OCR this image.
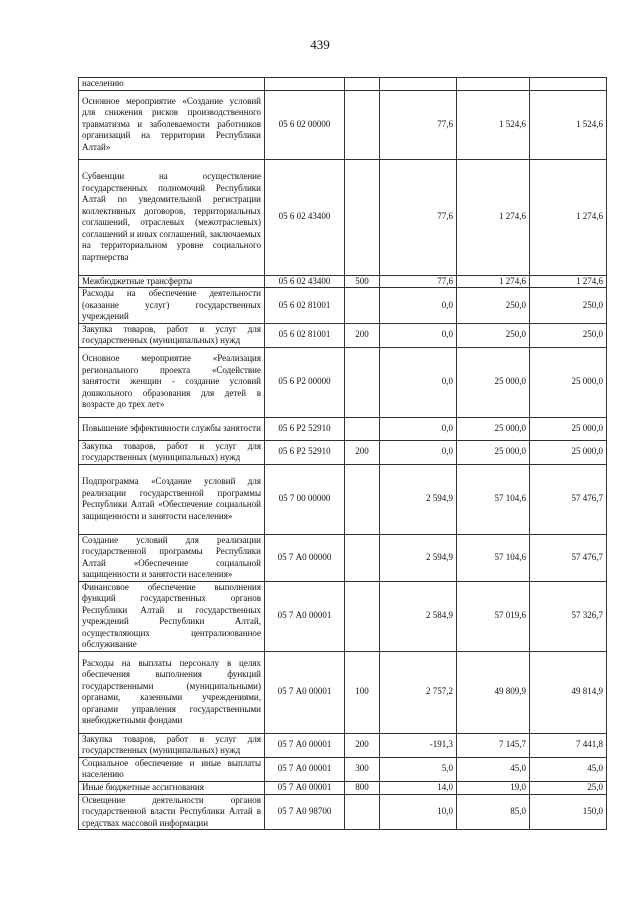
439
населению					
Основное мероприятие «Создание условий для снижения рисков производственного травматизма и заболеваемости работников организаций на территории Республики Алтай»	05 6 02 00000		77,6	1 524,6	1 524,6
Субвенции на осуществление государственных полномочий Республики Алтай по уведомительной регистрации коллективных договоров, территориальных соглашений, отраслевых (межотраслевых) соглашений и иных соглашений, заключаемых на территориальном уровне социального партнерства	05 6 02 43400		77,6	1 274,6	1 274,6
Межбюджетные трансферты	05 6 02 43400	500	77,6	1 274,6	1 274,6
Расходы на обеспечение деятельности (оказание услуг) государственных учреждений	05 6 02 81001		0,0	250,0	250,0
Закупка товаров, работ и услуг для государственных (муниципальных) нужд	05 6 02 81001	200	0,0	250,0	250,0
Основное мероприятие «Реализация регионального проекта «Содействие занятости женщин - создание условий дошкольного образования для детей в возрасте до трех лет»	05 6 P2 00000		0,0	25 000,0	25 000,0
Повышение эффективности службы занятости	05 6 P2 52910		0,0	25 000,0	25 000,0
Закупка товаров, работ и услуг для государственных (муниципальных) нужд	05 6 P2 52910	200	0,0	25 000,0	25 000,0
Подпрограмма «Создание условий для реализации государственной программы Республики Алтай «Обеспечение социальной защищенности и занятости населения»	05 7 00 00000		2 594,9	57 104,6	57 476,7
Создание условий для реализации государственной программы Республики Алтай «Обеспечение социальной защищенности и занятости населения»	05 7 А0 00000		2 594,9	57 104,6	57 476,7
Финансовое обеспечение выполнения функций государственных органов Республики Алтай и государственных учреждений Республики Алтай, осуществляющих централизованное обслуживание	05 7 А0 00001		2 584,9	57 019,6	57 326,7
Расходы на выплаты персоналу в целях обеспечения выполнения функций государственными (муниципальными) органами, казенными учреждениями, органами управления государственными внебюджетными фондами	05 7 А0 00001	100	2 757,2	49 809,9	49 814,9
Закупка товаров, работ и услуг для государственных (муниципальных) нужд	05 7 А0 00001	200	-191,3	7 145,7	7 441,8
Социальное обеспечение и иные выплаты населению	05 7 А0 00001	300	5,0	45,0	45,0
Иные бюджетные ассигнования	05 7 А0 00001	800	14,0	19,0	25,0
Освещение деятельности органов государственной власти Республики Алтай в средствах массовой информации	05 7 А0 98700		10,0	85,0	150,0
